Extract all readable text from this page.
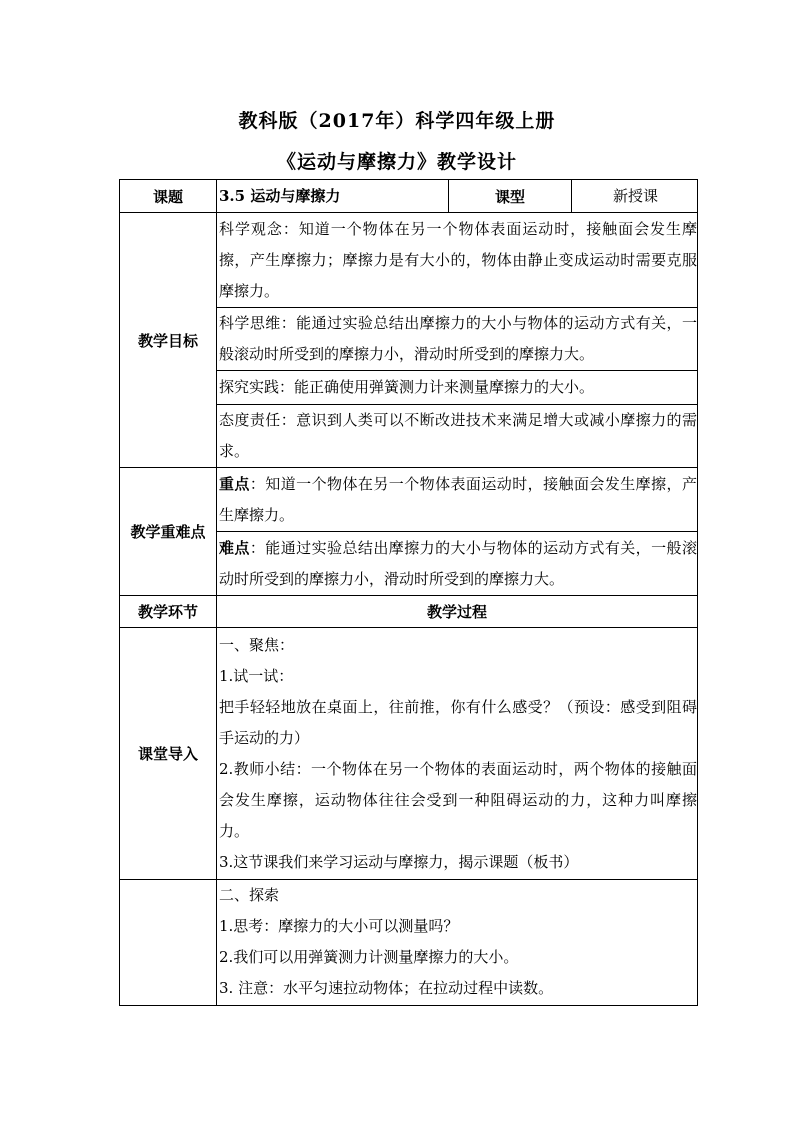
教科版（2017年）科学四年级上册
《运动与摩擦力》教学设计
课题	3.5 运动与摩擦力	课型	新授课
教学目标	科学观念：知道一个物体在另一个物体表面运动时，接触面会发生摩擦，产生摩擦力；摩擦力是有大小的，物体由静止变成运动时需要克服摩擦力。		
	科学思维：能通过实验总结出摩擦力的大小与物体的运动方式有关，一般滚动时所受到的摩擦力小，滑动时所受到的摩擦力大。		
	探究实践：能正确使用弹簧测力计来测量摩擦力的大小。		
	态度责任：意识到人类可以不断改进技术来满足增大或减小摩擦力的需求。		
教学重难点	重点：知道一个物体在另一个物体表面运动时，接触面会发生摩擦，产生摩擦力。		
	难点：能通过实验总结出摩擦力的大小与物体的运动方式有关，一般滚动时所受到的摩擦力小，滑动时所受到的摩擦力大。		
教学环节	教学过程		
课堂导入	一、聚焦：
1.试一试：
把手轻轻地放在桌面上，往前推，你有什么感受？（预设：感受到阻碍手运动的力）
2.教师小结：一个物体在另一个物体的表面运动时，两个物体的接触面会发生摩擦，运动物体往往会受到一种阻碍运动的力，这种力叫摩擦力。
3.这节课我们来学习运动与摩擦力，揭示课题（板书）		

	二、探索
1.思考：摩擦力的大小可以测量吗？
2.我们可以用弹簧测力计测量摩擦力的大小。
3. 注意：水平匀速拉动物体；在拉动过程中读数。		
